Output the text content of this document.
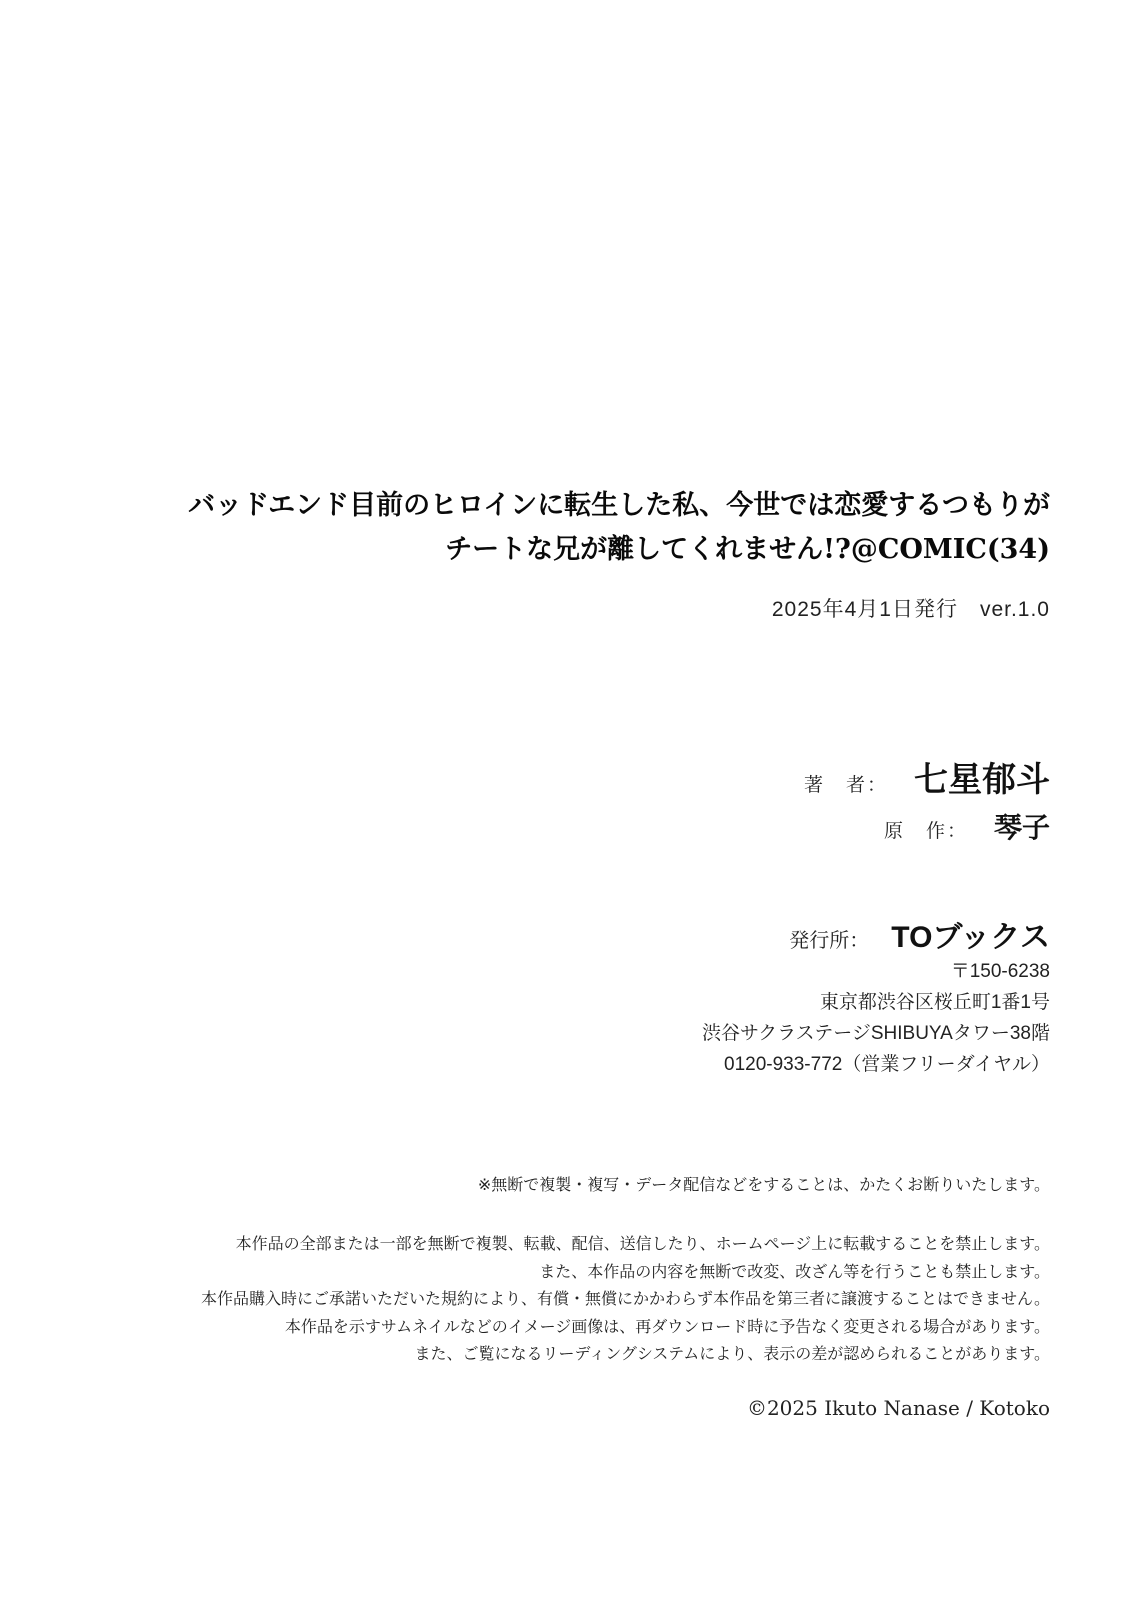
バッドエンド目前のヒロインに転生した私、今世では恋愛するつもりが
チートな兄が離してくれません!?@COMIC(34)
2025年4月1日発行　ver.1.0
著　者： 七星郁斗
原　作： 琴子
発行所： TOブックス
〒150-6238
東京都渋谷区桜丘町1番1号
渋谷サクラステージSHIBUYAタワー38階
0120-933-772（営業フリーダイヤル）
※無断で複製・複写・データ配信などをすることは、かたくお断りいたします。
本作品の全部または一部を無断で複製、転載、配信、送信したり、ホームページ上に転載することを禁止します。
また、本作品の内容を無断で改変、改ざん等を行うことも禁止します。
本作品購入時にご承諾いただいた規約により、有償・無償にかかわらず本作品を第三者に譲渡することはできません。
本作品を示すサムネイルなどのイメージ画像は、再ダウンロード時に予告なく変更される場合があります。
また、ご覧になるリーディングシステムにより、表示の差が認められることがあります。
©2025 Ikuto Nanase / Kotoko
